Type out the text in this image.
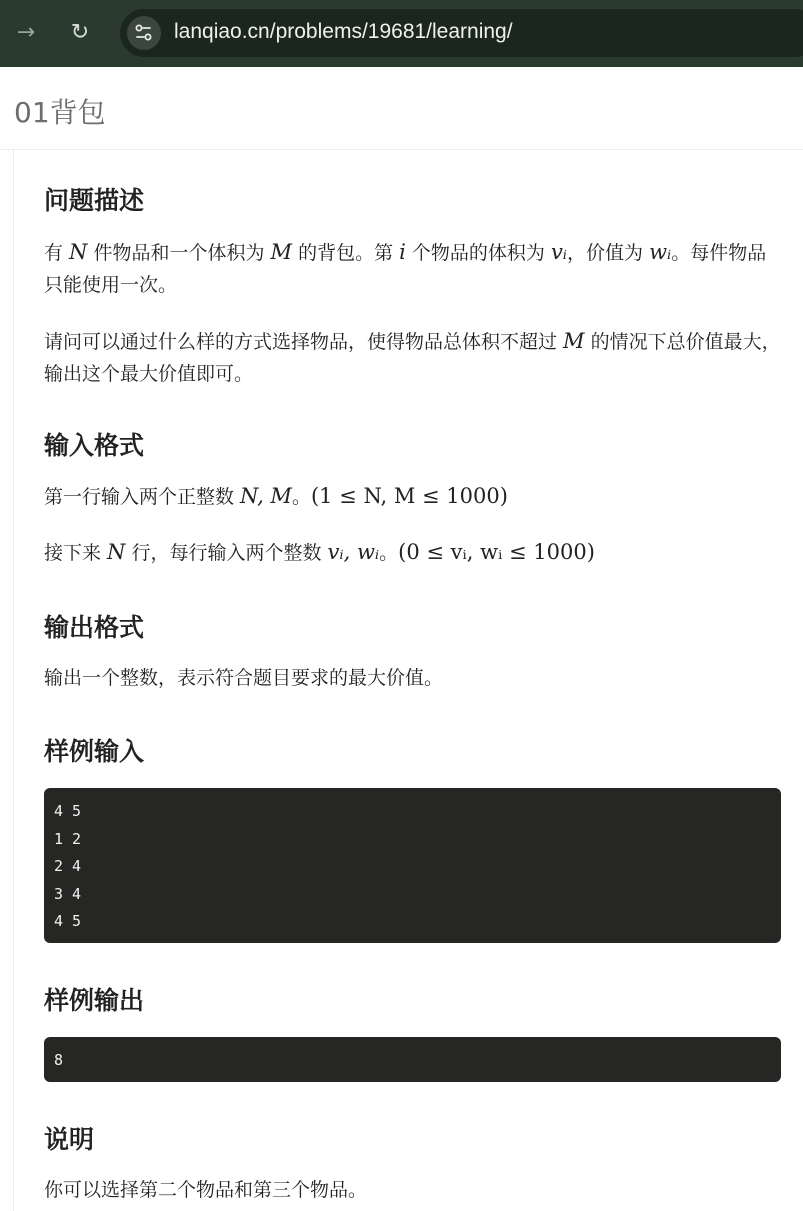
→	↻	lanqiao.cn/problems/19681/learning/
01背包
问题描述

有 N 件物品和一个体积为 M 的背包。第 i 个物品的体积为 vᵢ，价值为 wᵢ。每件物品只能使用一次。

请问可以通过什么样的方式选择物品，使得物品总体积不超过 M 的情况下总价值最大，输出这个最大价值即可。

输入格式

第一行输入两个正整数 N, M。(1 ≤ N, M ≤ 1000)

接下来 N 行，每行输入两个整数 vᵢ, wᵢ。(0 ≤ vᵢ, wᵢ ≤ 1000)

输出格式

输出一个整数，表示符合题目要求的最大价值。

样例输入
4 5
1 2
2 4
3 4
4 5
样例输出
8
说明

你可以选择第二个物品和第三个物品。
